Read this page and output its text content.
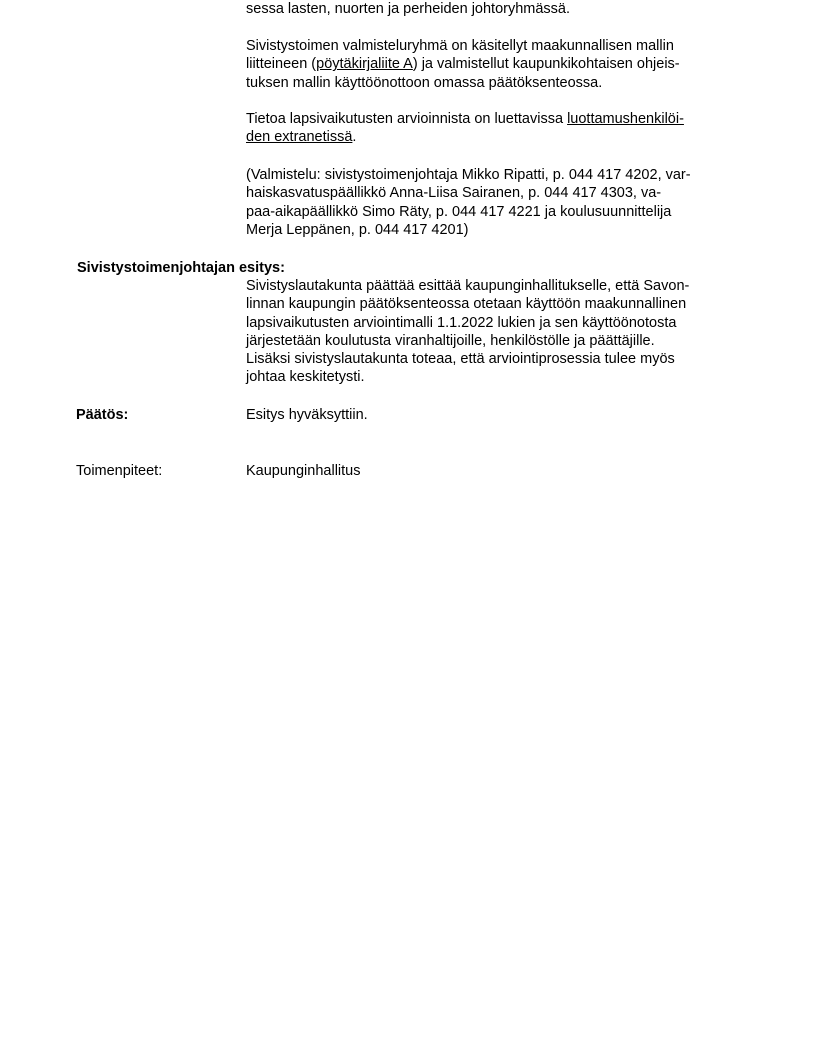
sessa lasten, nuorten ja perheiden johtoryhmässä.
Sivistystoimen valmisteluryhmä on käsitellyt maakunnallisen mallin
liitteineen (pöytäkirjaliite A) ja valmistellut kaupunkikohtaisen ohjeis-
tuksen mallin käyttöönottoon omassa päätöksenteossa.
Tietoa lapsivaikutusten arvioinnista on luettavissa luottamushenkilöi-
den extranetissä.
(Valmistelu: sivistystoimenjohtaja Mikko Ripatti, p. 044 417 4202, var-
haiskasvatuspäällikkö Anna-Liisa Sairanen, p. 044 417 4303, va-
paa-aikapäällikkö Simo Räty, p. 044 417 4221 ja koulusuunnittelija
Merja Leppänen, p. 044 417 4201)
Sivistystoimenjohtajan esitys:
Sivistyslautakunta päättää esittää kaupunginhallitukselle, että Savon-
linnan kaupungin päätöksenteossa otetaan käyttöön maakunnallinen
lapsivaikutusten arviointimalli 1.1.2022 lukien ja sen käyttöönotosta
järjestetään koulutusta viranhaltijoille, henkilöstölle ja päättäjille.
Lisäksi sivistyslautakunta toteaa, että arviointiprosessia tulee myös
johtaa keskitetysti.
Päätös:	Esitys hyväksyttiin.
Toimenpiteet:	Kaupunginhallitus
